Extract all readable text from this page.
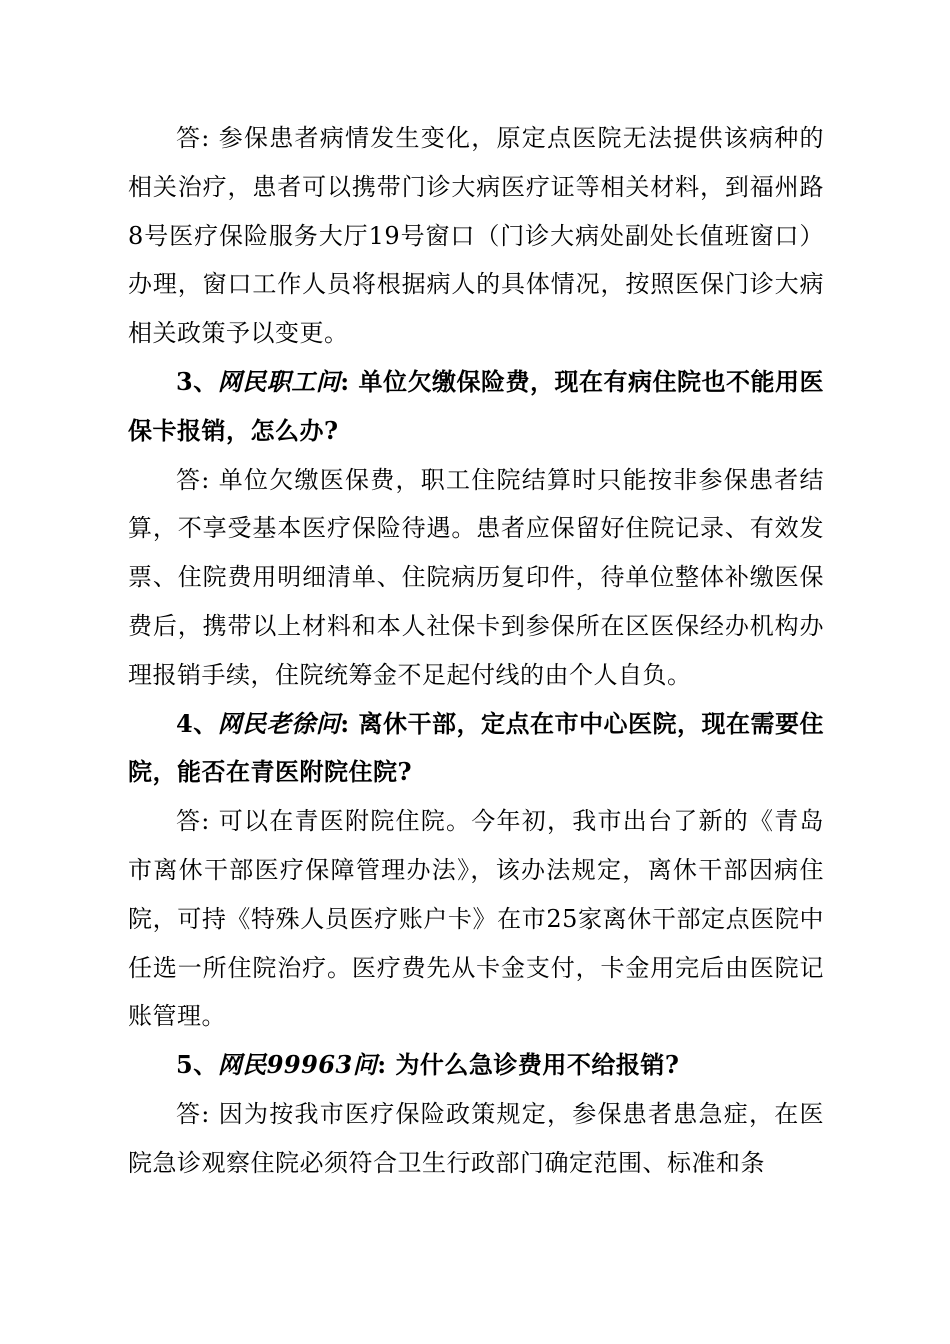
答: 参保患者病情发生变化，原定点医院无法提供该病种的相关治疗，患者可以携带门诊大病医疗证等相关材料，到福州路8号医疗保险服务大厅19号窗口（门诊大病处副处长值班窗口）办理，窗口工作人员将根据病人的具体情况，按照医保门诊大病相关政策予以变更。

3、网民职工问: 单位欠缴保险费，现在有病住院也不能用医保卡报销，怎么办?

答: 单位欠缴医保费，职工住院结算时只能按非参保患者结算，不享受基本医疗保险待遇。患者应保留好住院记录、有效发票、住院费用明细清单、住院病历复印件，待单位整体补缴医保费后，携带以上材料和本人社保卡到参保所在区医保经办机构办理报销手续，住院统筹金不足起付线的由个人自负。

4、网民老徐问: 离休干部，定点在市中心医院，现在需要住院，能否在青医附院住院?

答: 可以在青医附院住院。今年初，我市出台了新的《青岛市离休干部医疗保障管理办法》，该办法规定，离休干部因病住院，可持《特殊人员医疗账户卡》在市25家离休干部定点医院中任选一所住院治疗。医疗费先从卡金支付，卡金用完后由医院记账管理。

5、网民99963问: 为什么急诊费用不给报销?

答: 因为按我市医疗保险政策规定，参保患者患急症，在医院急诊观察住院必须符合卫生行政部门确定范围、标准和条
